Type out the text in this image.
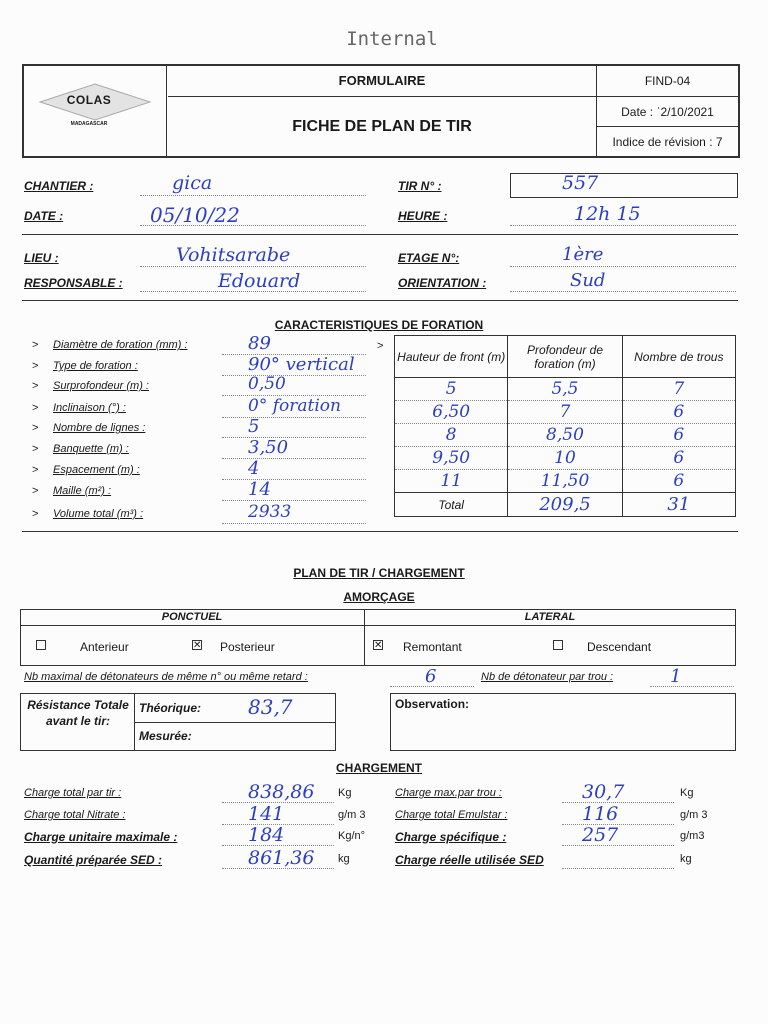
Internal
COLAS
MADAGASCAR
FORMULAIRE
FICHE DE PLAN DE TIR
FIND-04
Date : ˈ2/10/2021
Indice de révision : 7
CHANTIER :	gica	TIR N° :	557
DATE :	05/10/22	HEURE :	12h 15
LIEU :	Vohitsarabe	ETAGE N°:	1ère
RESPONSABLE :	Edouard	ORIENTATION :	Sud
CARACTERISTIQUES DE FORATION
> Diamètre de foration (mm) :	89
> Type de foration :	90° vertical
> Surprofondeur (m) :	0,50
> Inclinaison (°) :	0° foration
> Nombre de lignes :	5
> Banquette (m) :	3,50
> Espacement (m) :	4
> Maille (m²) :	14
> Volume total (m³) :	2933
>
Hauteur de front (m)	Profondeur de foration (m)	Nombre de trous
5	5,5	7
6,50	7	6
8	8,50	6
9,50	10	6
11	11,50	6
Total	209,5	31
PLAN DE TIR / CHARGEMENT
AMORÇAGE
PONCTUEL	LATERAL
Anterieur	✕ Posterieur	✕ Remontant	Descendant
Nb maximal de détonateurs de même n° ou même retard :	6	Nb de détonateur par trou :	1
Résistance Totale avant le tir:
Théorique: 83,7
Mesurée:
Observation:
CHARGEMENT
Charge total par tir :	838,86 Kg
Charge total Nitrate :	141	g/m 3
Charge unitaire maximale :	184	Kg/n°
Quantité préparée SED :	861,36 kg
Charge max.par trou :	30,7	Kg
Charge total Emulstar :	116	g/m 3
Charge spécifique :	257	g/m3
Charge réelle utilisée SED	kg
